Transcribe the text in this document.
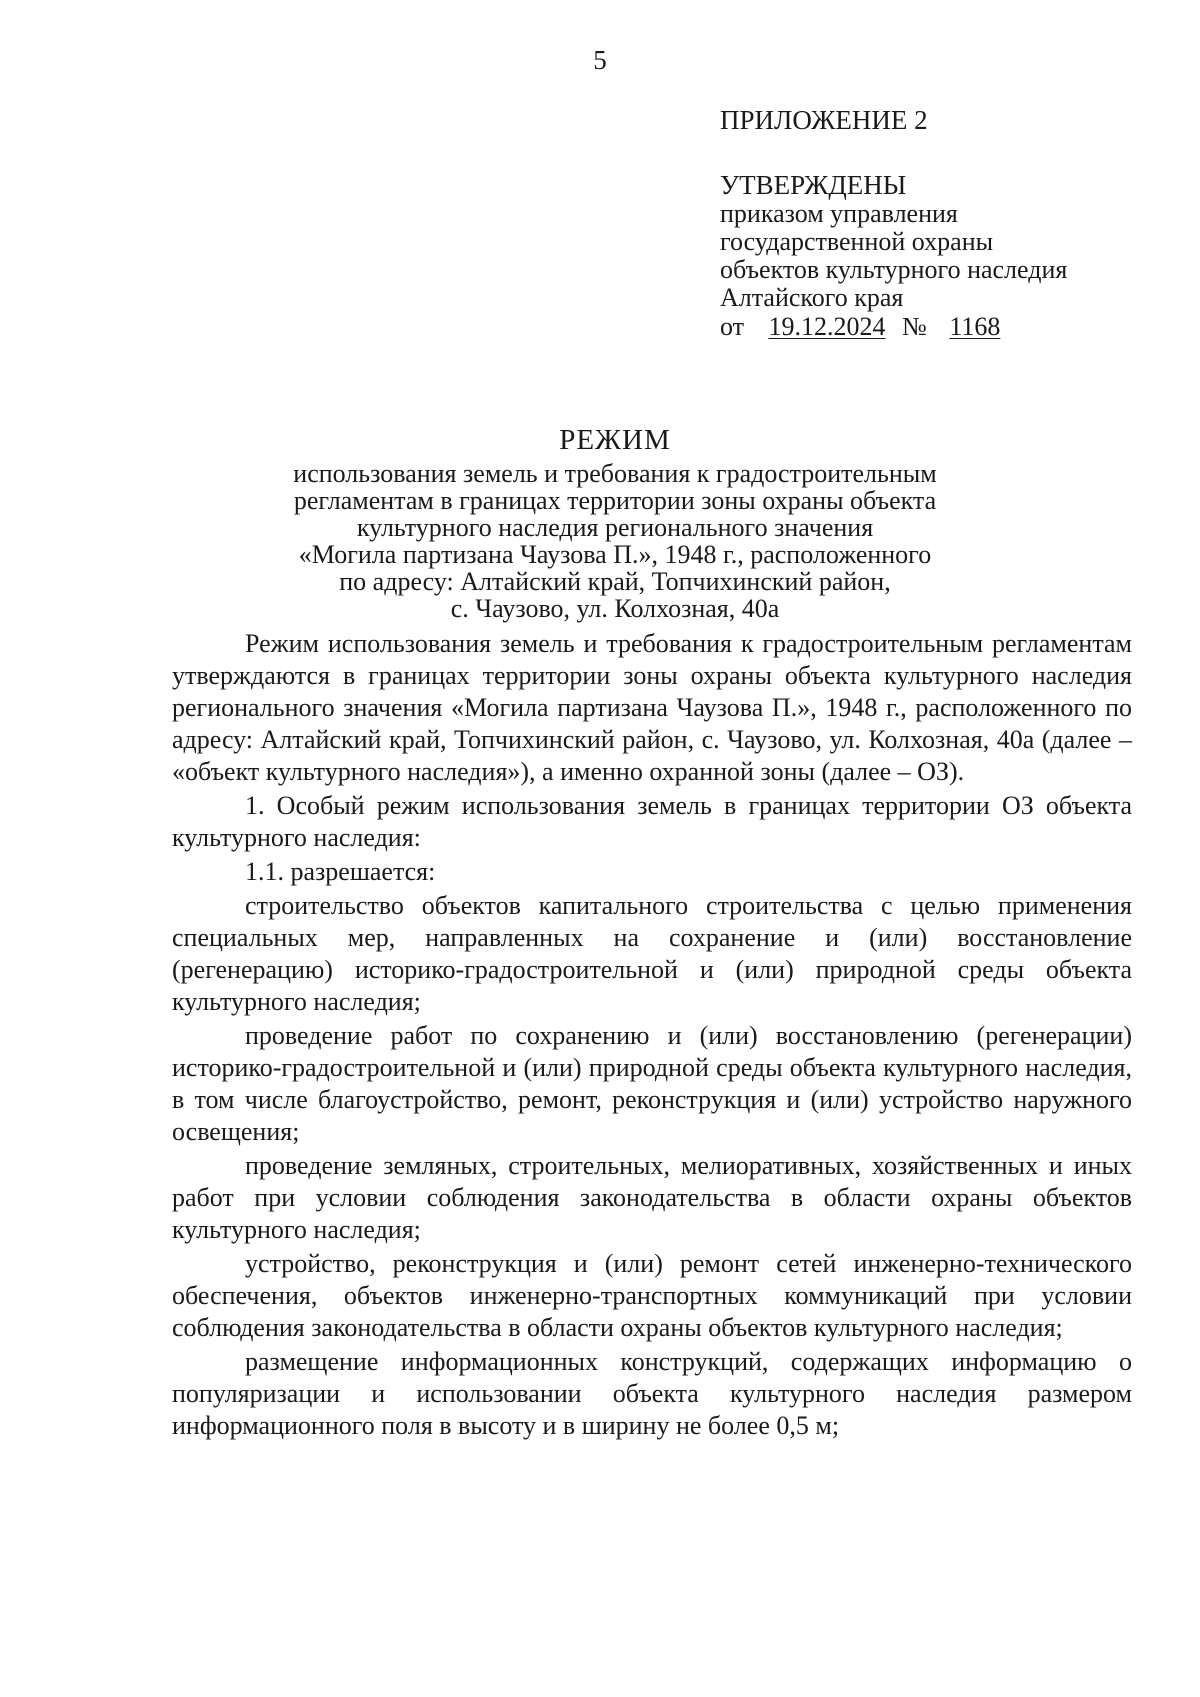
5
ПРИЛОЖЕНИЕ 2

УТВЕРЖДЕНЫ

приказом управления

государственной охраны

объектов культурного наследия

Алтайского края

от 19.12.2024 № 1168

РЕЖИМ

использования земель и требования к градостроительным

регламентам в границах территории зоны охраны объекта

культурного наследия регионального значения

«Могила партизана Чаузова П.», 1948 г., расположенного

по адресу: Алтайский край, Топчихинский район,

с. Чаузово, ул. Колхозная, 40а

Режим использования земель и требования к градостроительным регламентам утверждаются в границах территории зоны охраны объекта культурного наследия регионального значения «Могила партизана Чаузова П.», 1948 г., расположенного по адресу: Алтайский край, Топчихинский район, с. Чаузово, ул. Колхозная, 40а (далее – «объект культурного наследия»), а именно охранной зоны (далее – ОЗ).

1. Особый режим использования земель в границах территории ОЗ объекта культурного наследия:

1.1. разрешается:

строительство объектов капитального строительства с целью применения специальных мер, направленных на сохранение и (или) восстановление (регенерацию) историко-градостроительной и (или) природной среды объекта культурного наследия;

проведение работ по сохранению и (или) восстановлению (регенерации) историко-градостроительной и (или) природной среды объекта культурного наследия, в том числе благоустройство, ремонт, реконструкция и (или) устройство наружного освещения;

проведение земляных, строительных, мелиоративных, хозяйственных и иных работ при условии соблюдения законодательства в области охраны объектов культурного наследия;

устройство, реконструкция и (или) ремонт сетей инженерно-технического обеспечения, объектов инженерно-транспортных коммуникаций при условии соблюдения законодательства в области охраны объектов культурного наследия;

размещение информационных конструкций, содержащих информацию о популяризации и использовании объекта культурного наследия размером информационного поля в высоту и в ширину не более 0,5 м;
